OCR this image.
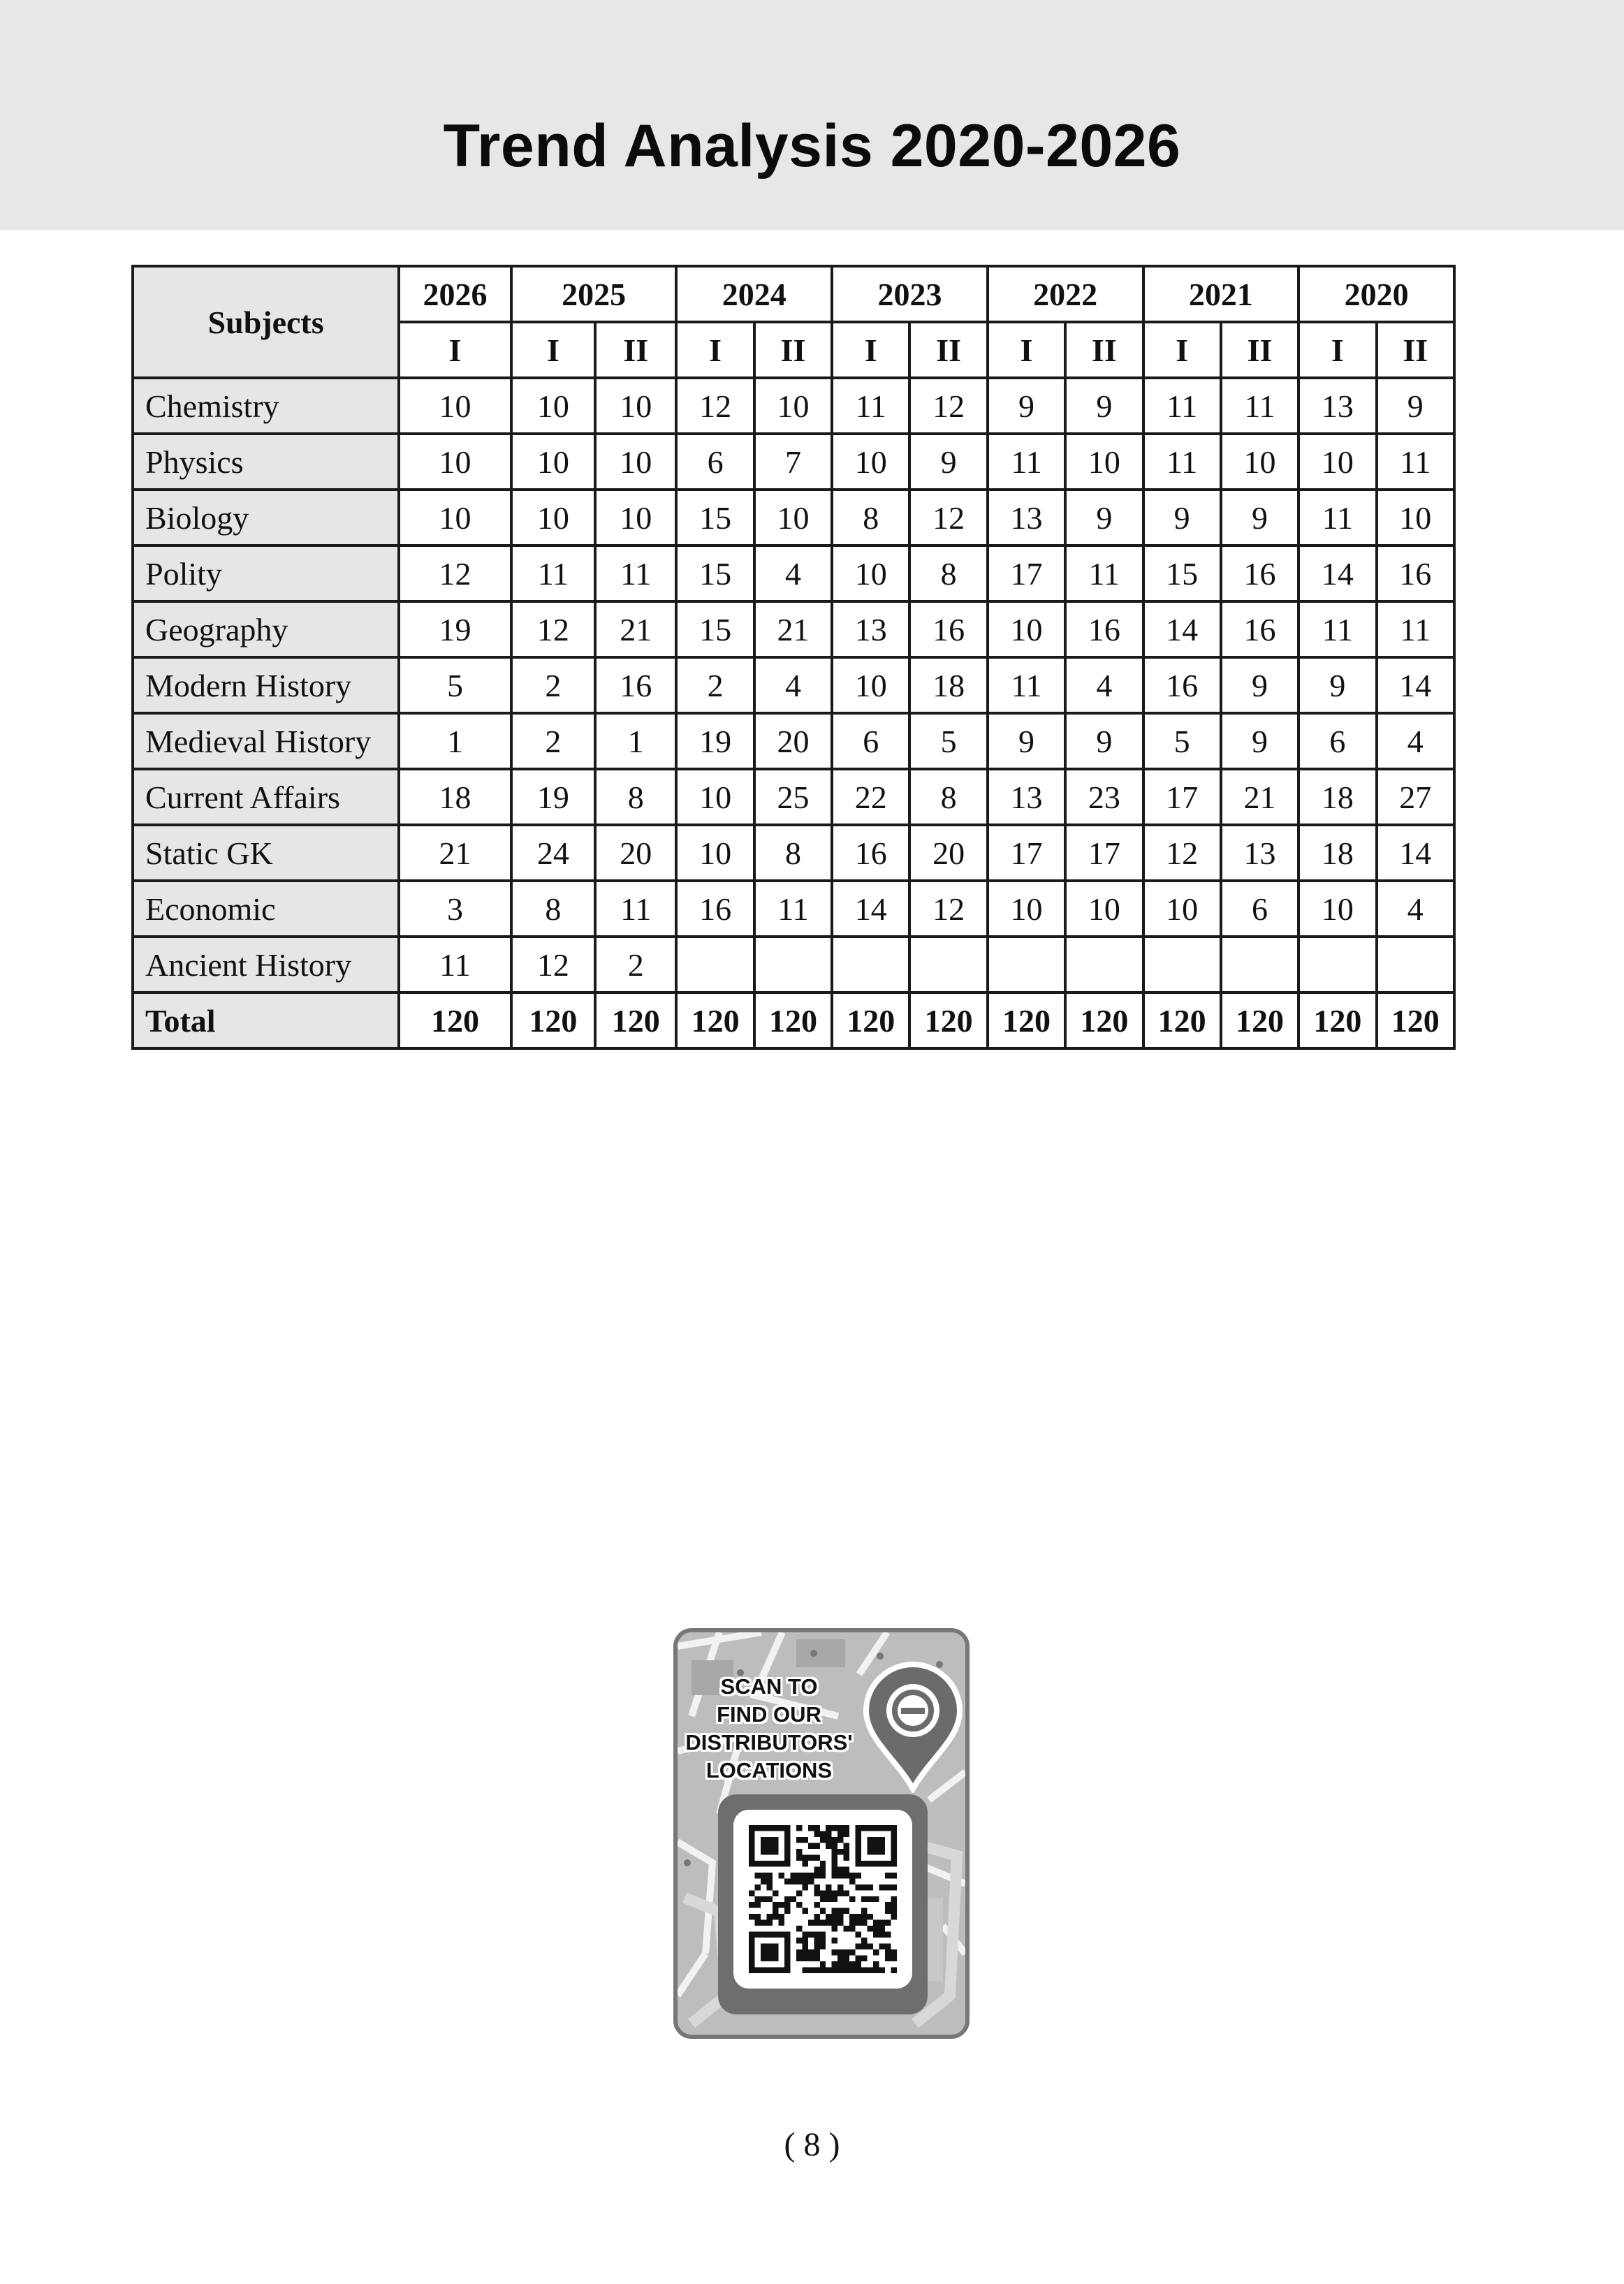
Trend Analysis 2020-2026
Subjects	2026	2025		2024		2023		2022		2021		2020	
	I	I	II	I	II	I	II	I	II	I	II	I	II
Chemistry	10	10	10	12	10	11	12	9	9	11	11	13	9
Physics	10	10	10	6	7	10	9	11	10	11	10	10	11
Biology	10	10	10	15	10	8	12	13	9	9	9	11	10
Polity	12	11	11	15	4	10	8	17	11	15	16	14	16
Geography	19	12	21	15	21	13	16	10	16	14	16	11	11
Modern History	5	2	16	2	4	10	18	11	4	16	9	9	14
Medieval History	1	2	1	19	20	6	5	9	9	5	9	6	4
Current Affairs	18	19	8	10	25	22	8	13	23	17	21	18	27
Static GK	21	24	20	10	8	16	20	17	17	12	13	18	14
Economic	3	8	11	16	11	14	12	10	10	10	6	10	4
Ancient History	11	12	2										
Total	120	120	120	120	120	120	120	120	120	120	120	120	120
SCAN TO
FIND OUR
DISTRIBUTORS'
LOCATIONS
( 8 )
